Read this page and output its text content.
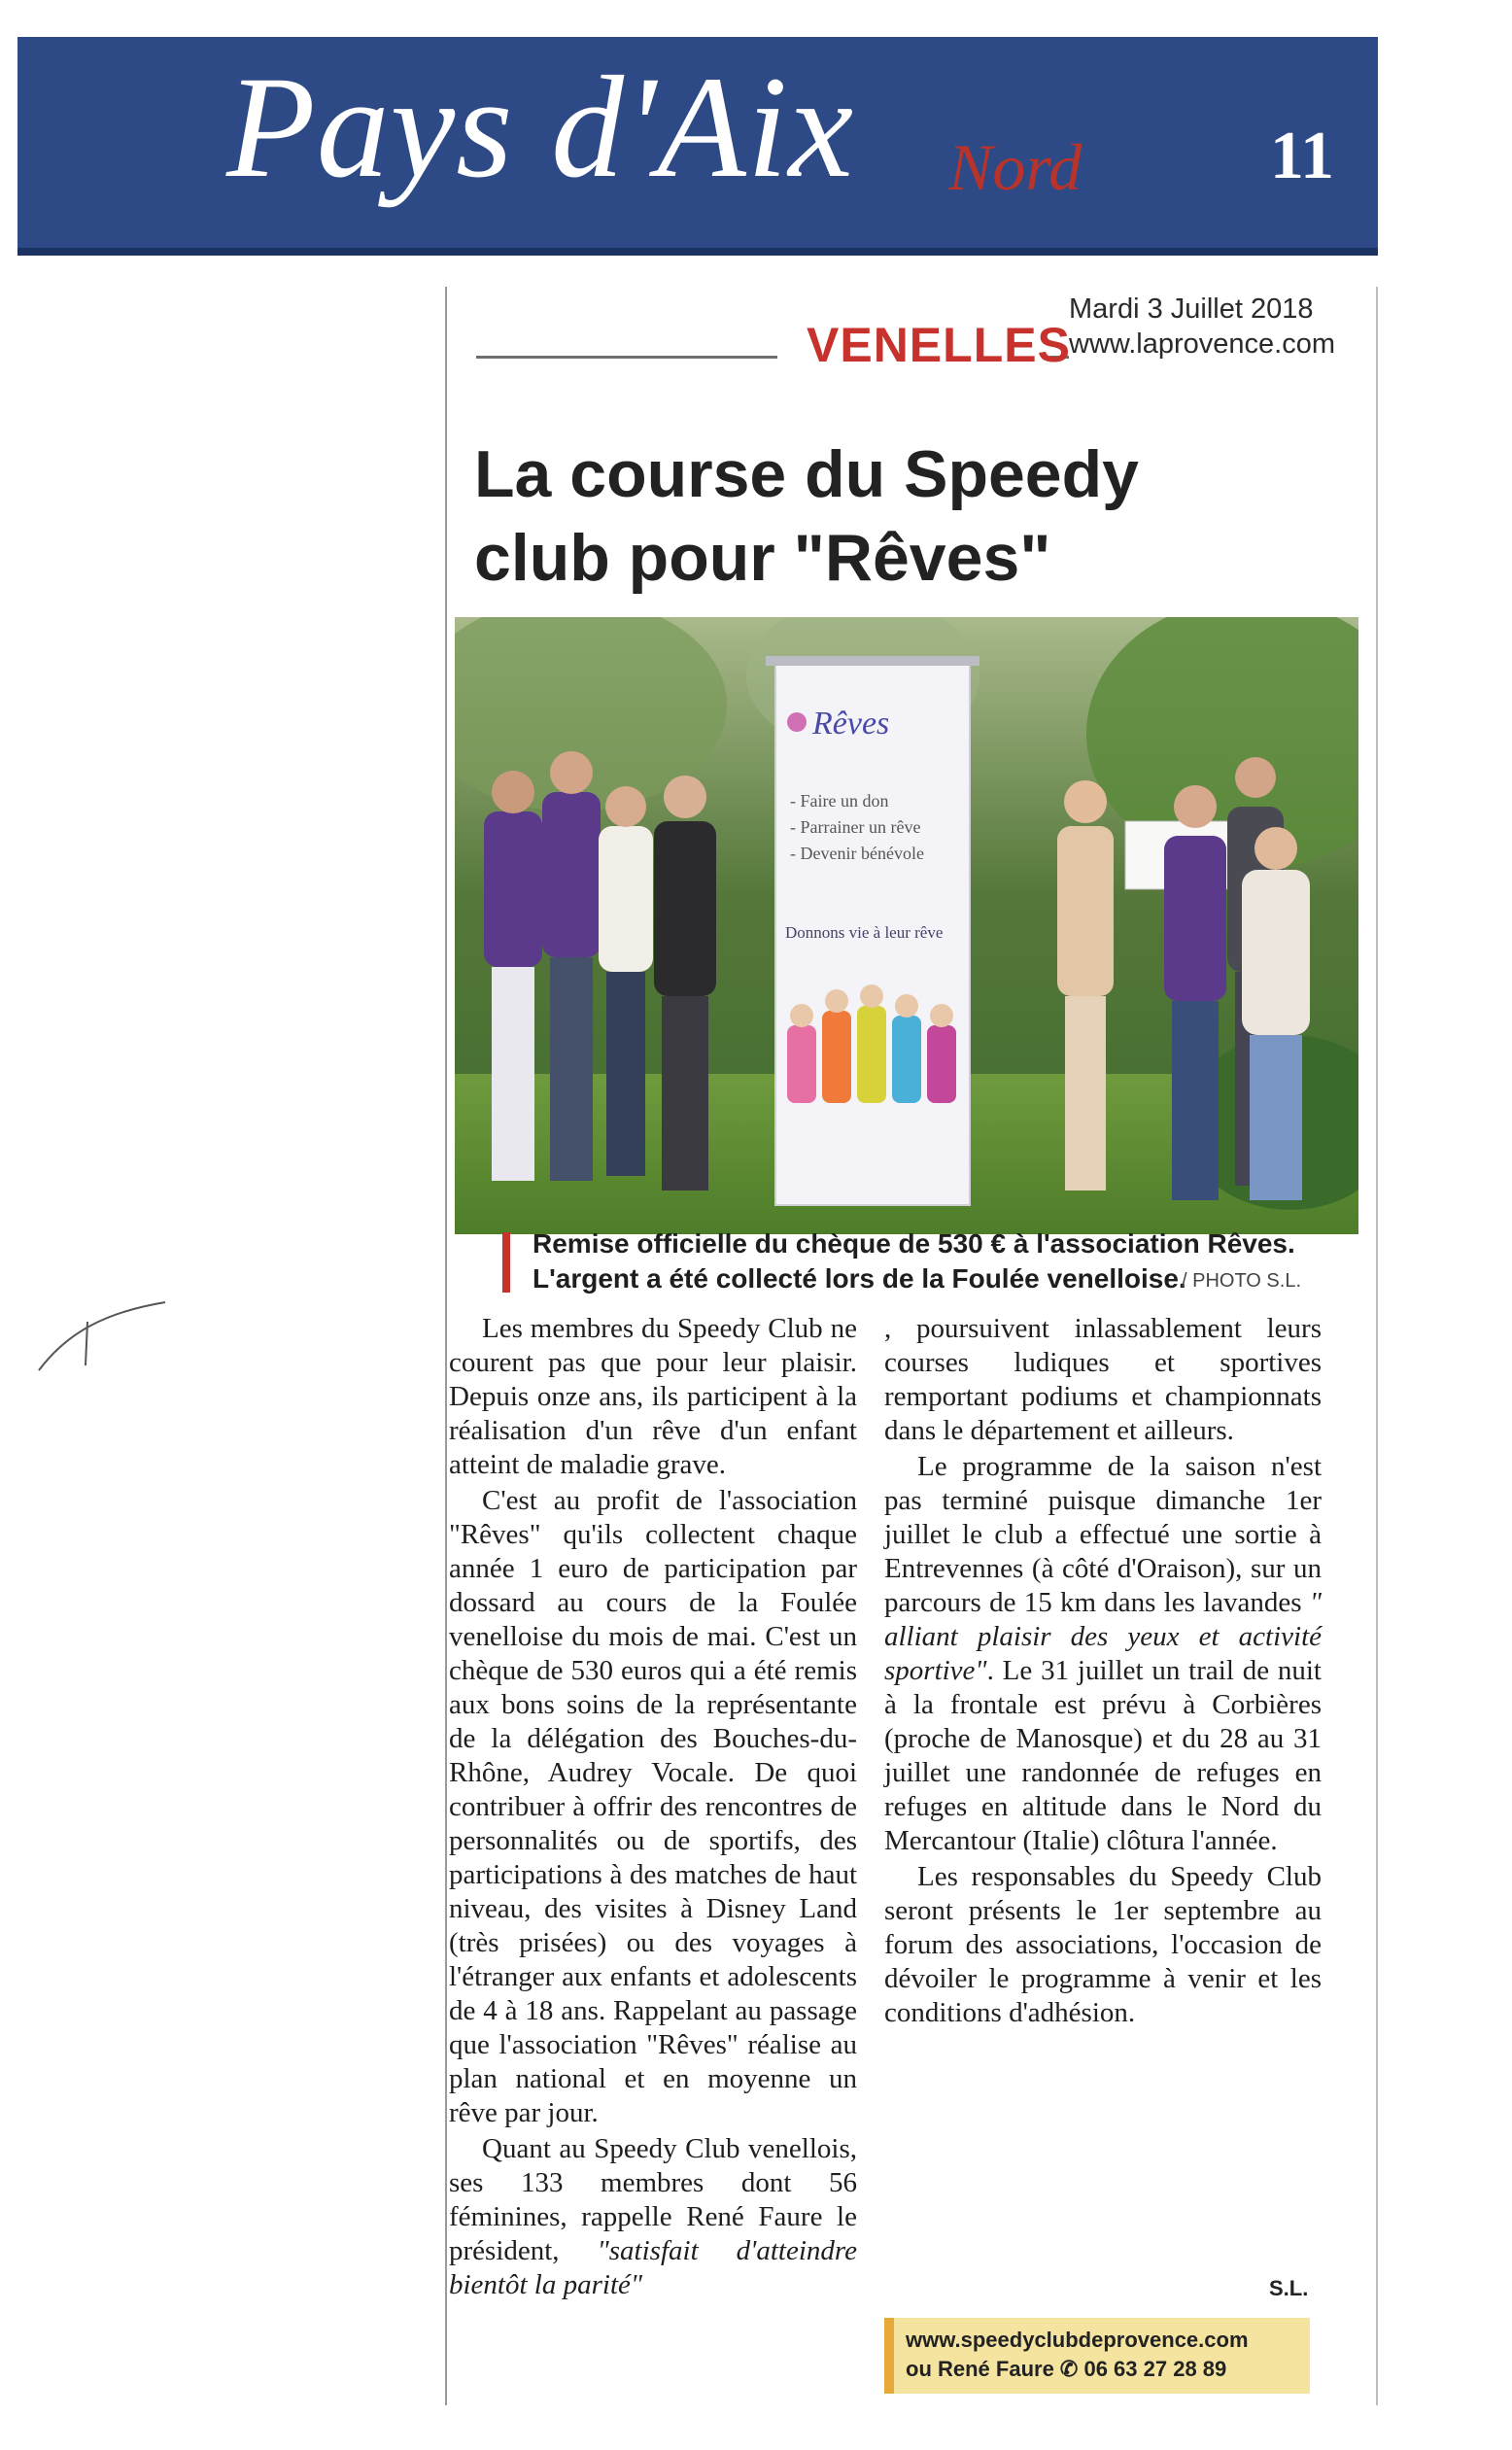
Pays d'Aix Nord	11
Mardi 3 Juillet 2018
www.laprovence.com
VENELLES
La course du Speedy
club pour "Rêves"
Rêves
- Faire un don
- Parrainer un rêve
- Devenir bénévole
Donnons vie à leur rêve
Remise officielle du chèque de 530 € à l'association Rêves.
L'argent a été collecté lors de la Foulée venelloise.
/ PHOTO S.L.

Les membres du Speedy Club ne courent pas que pour leur plaisir. Depuis onze ans, ils participent à la réalisation d'un rêve d'un enfant atteint de maladie grave.

C'est au profit de l'association "Rêves" qu'ils collectent chaque année 1 euro de participation par dossard au cours de la Foulée venelloise du mois de mai. C'est un chèque de 530 euros qui a été remis aux bons soins de la représentante de la délégation des Bouches-du-Rhône, Audrey Vocale. De quoi contribuer à offrir des rencontres de personnalités ou de sportifs, des participations à des matches de haut niveau, des visites à Disney Land (très prisées) ou des voyages à l'étranger aux enfants et adolescents de 4 à 18 ans. Rappelant au passage que l'association "Rêves" réalise au plan national et en moyenne un rêve par jour.

Quant au Speedy Club venellois, ses 133 membres dont 56 féminines, rappelle René Faure le président, "satisfait d'atteindre bientôt la parité"

, poursuivent inlassablement leurs courses ludiques et sportives remportant podiums et championnats dans le département et ailleurs.

Le programme de la saison n'est pas terminé puisque dimanche 1er juillet le club a effectué une sortie à Entrevennes (à côté d'Oraison), sur un parcours de 15 km dans les lavandes " alliant plaisir des yeux et activité sportive". Le 31 juillet un trail de nuit à la frontale est prévu à Corbières (proche de Manosque) et du 28 au 31 juillet une randonnée de refuges en refuges en altitude dans le Nord du Mercantour (Italie) clôtura l'année.

Les responsables du Speedy Club seront présents le 1er septembre au forum des associations, l'occasion de dévoiler le programme à venir et les conditions d'adhésion.

S.L.
www.speedyclubdeprovence.com
ou René Faure ✆ 06 63 27 28 89
